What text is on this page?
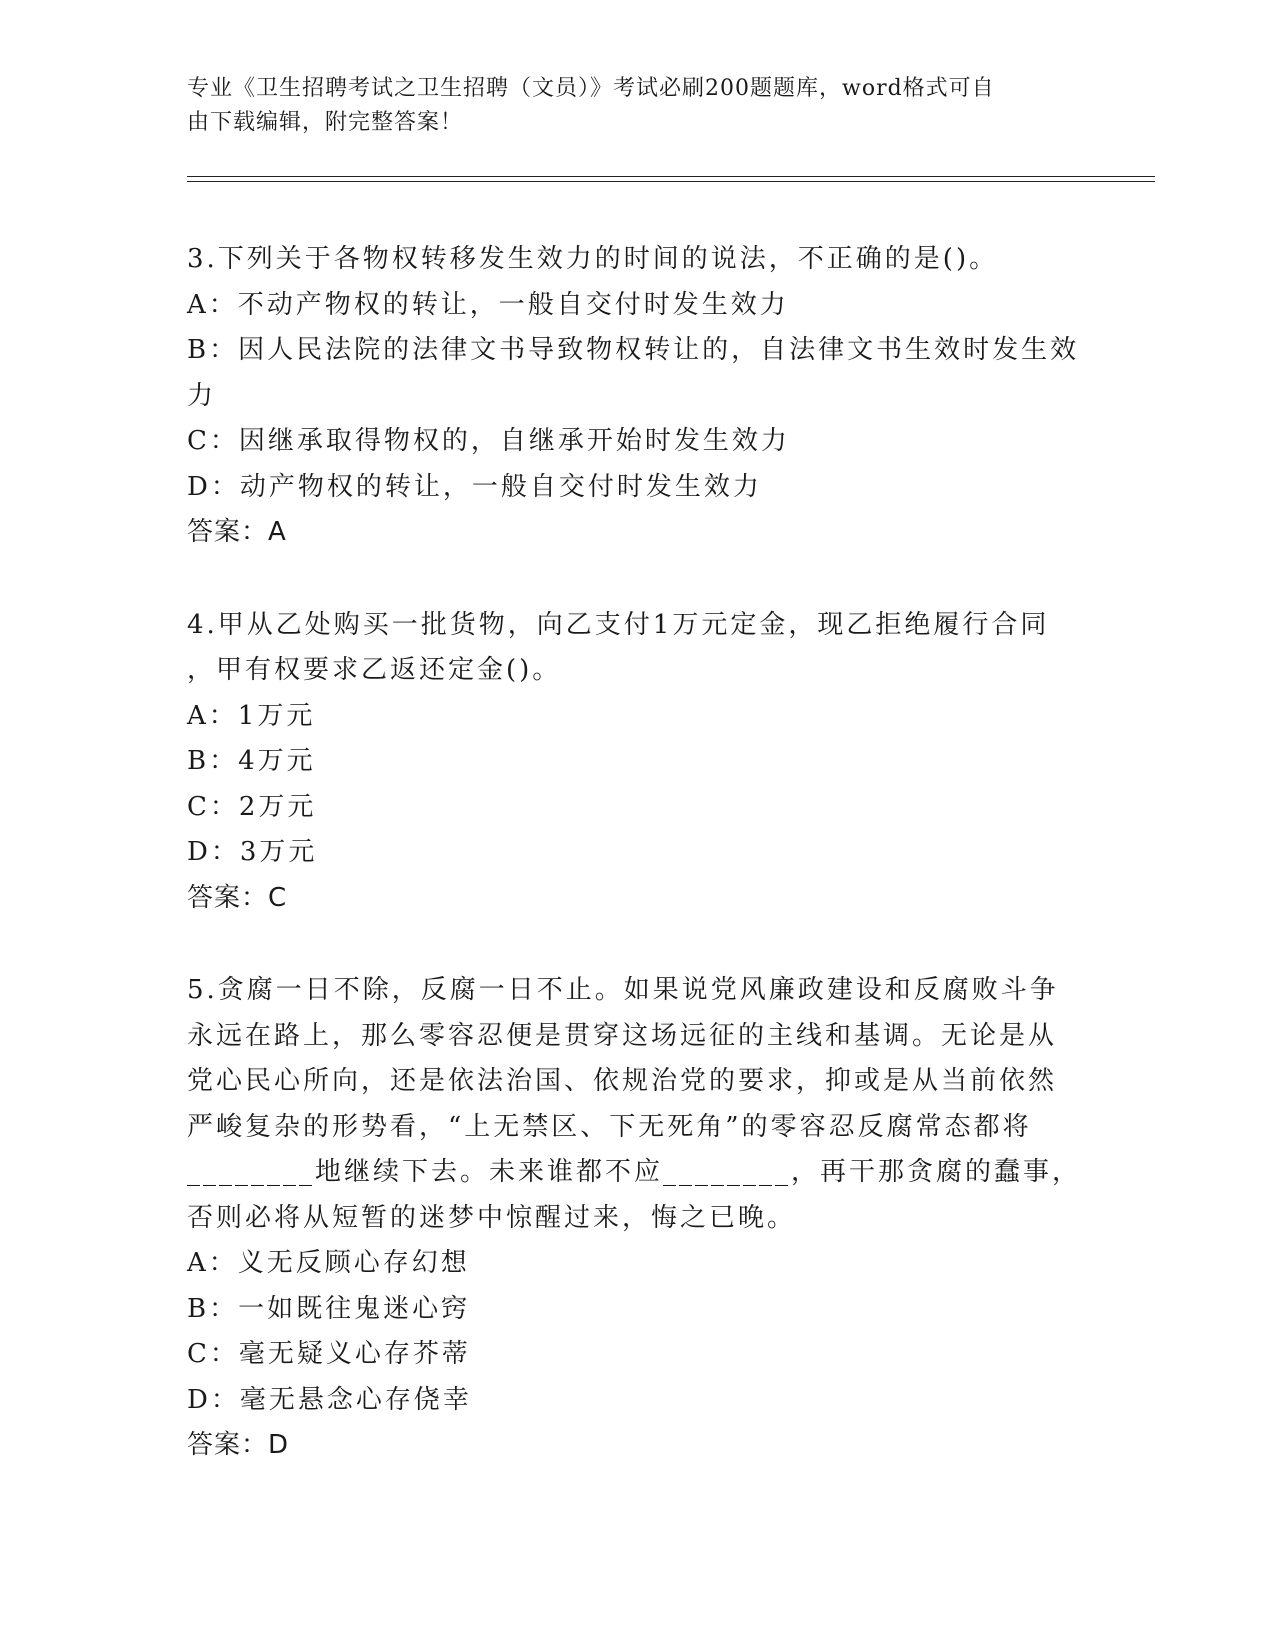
专业《卫生招聘考试之卫生招聘（文员）》考试必刷200题题库，word格式可自
由下载编辑，附完整答案！
3.下列关于各物权转移发生效力的时间的说法，不正确的是()。
A：不动产物权的转让，一般自交付时发生效力
B：因人民法院的法律文书导致物权转让的，自法律文书生效时发生效
力
C：因继承取得物权的，自继承开始时发生效力
D：动产物权的转让，一般自交付时发生效力
答案：A
4.甲从乙处购买一批货物，向乙支付1万元定金，现乙拒绝履行合同
，甲有权要求乙返还定金()。
A：1万元
B：4万元
C：2万元
D：3万元
答案：C
5.贪腐一日不除，反腐一日不止。如果说党风廉政建设和反腐败斗争
永远在路上，那么零容忍便是贯穿这场远征的主线和基调。无论是从
党心民心所向，还是依法治国、依规治党的要求，抑或是从当前依然
严峻复杂的形势看，“上无禁区、下无死角”的零容忍反腐常态都将
________地继续下去。未来谁都不应________，再干那贪腐的蠢事，
否则必将从短暂的迷梦中惊醒过来，悔之已晚。
A：义无反顾心存幻想
B：一如既往鬼迷心窍
C：毫无疑义心存芥蒂
D：毫无悬念心存侥幸
答案：D
